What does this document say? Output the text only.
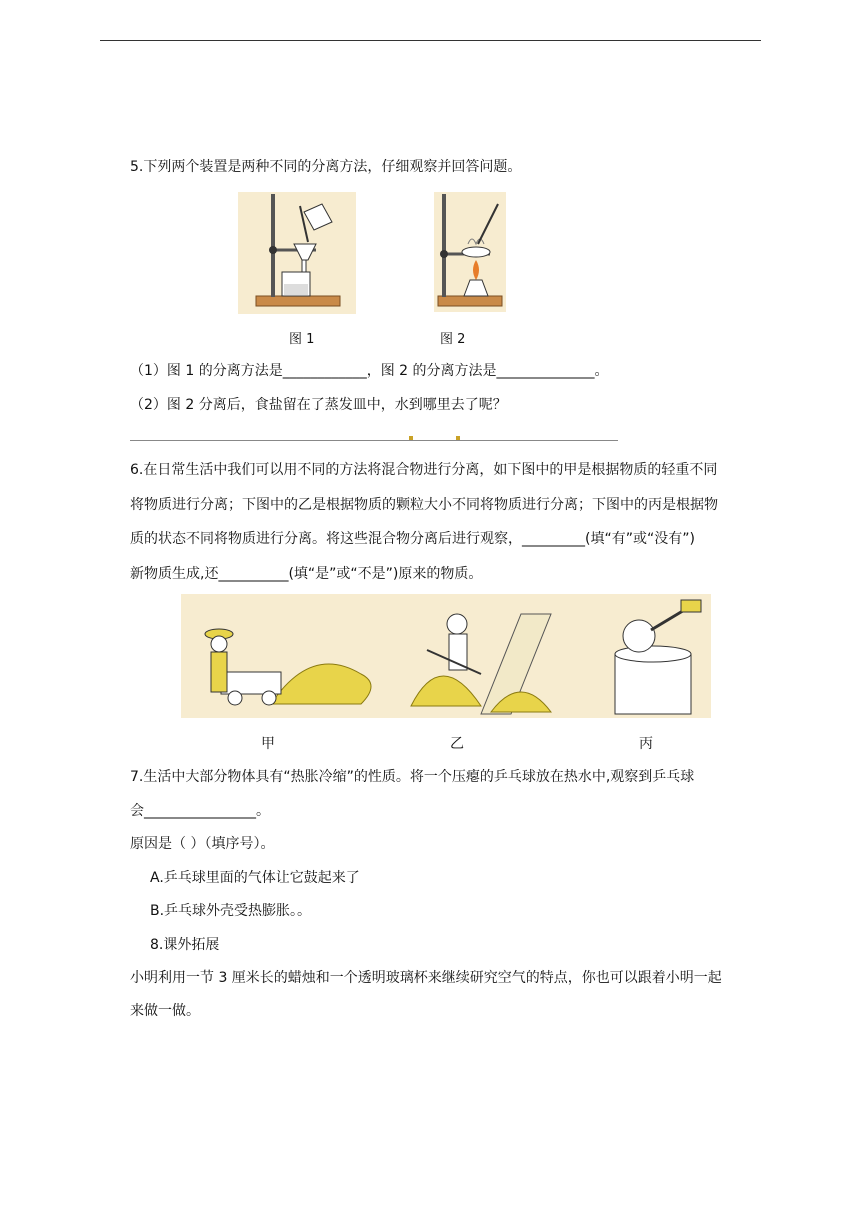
5.下列两个装置是两种不同的分离方法，仔细观察并回答问题。
图 1	图 2
（1）图 1 的分离方法是____________，图 2 的分离方法是______________。
（2）图 2 分离后，食盐留在了蒸发皿中，水到哪里去了呢？
6.在日常生活中我们可以用不同的方法将混合物进行分离，如下图中的甲是根据物质的轻重不同
将物质进行分离；下图中的乙是根据物质的颗粒大小不同将物质进行分离；下图中的丙是根据物
质的状态不同将物质进行分离。将这些混合物分离后进行观察，_________(填“有”或“没有”)
新物质生成,还__________(填“是”或“不是”)原来的物质。
甲	乙	丙
7.生活中大部分物体具有“热胀冷缩”的性质。将一个压瘪的乒乓球放在热水中,观察到乒乓球
会________________。
原因是（ ）（填序号）。
A.乒乓球里面的气体让它鼓起来了
B.乒乓球外壳受热膨胀。。
8.课外拓展
小明利用一节 3 厘米长的蜡烛和一个透明玻璃杯来继续研究空气的特点，你也可以跟着小明一起
来做一做。
